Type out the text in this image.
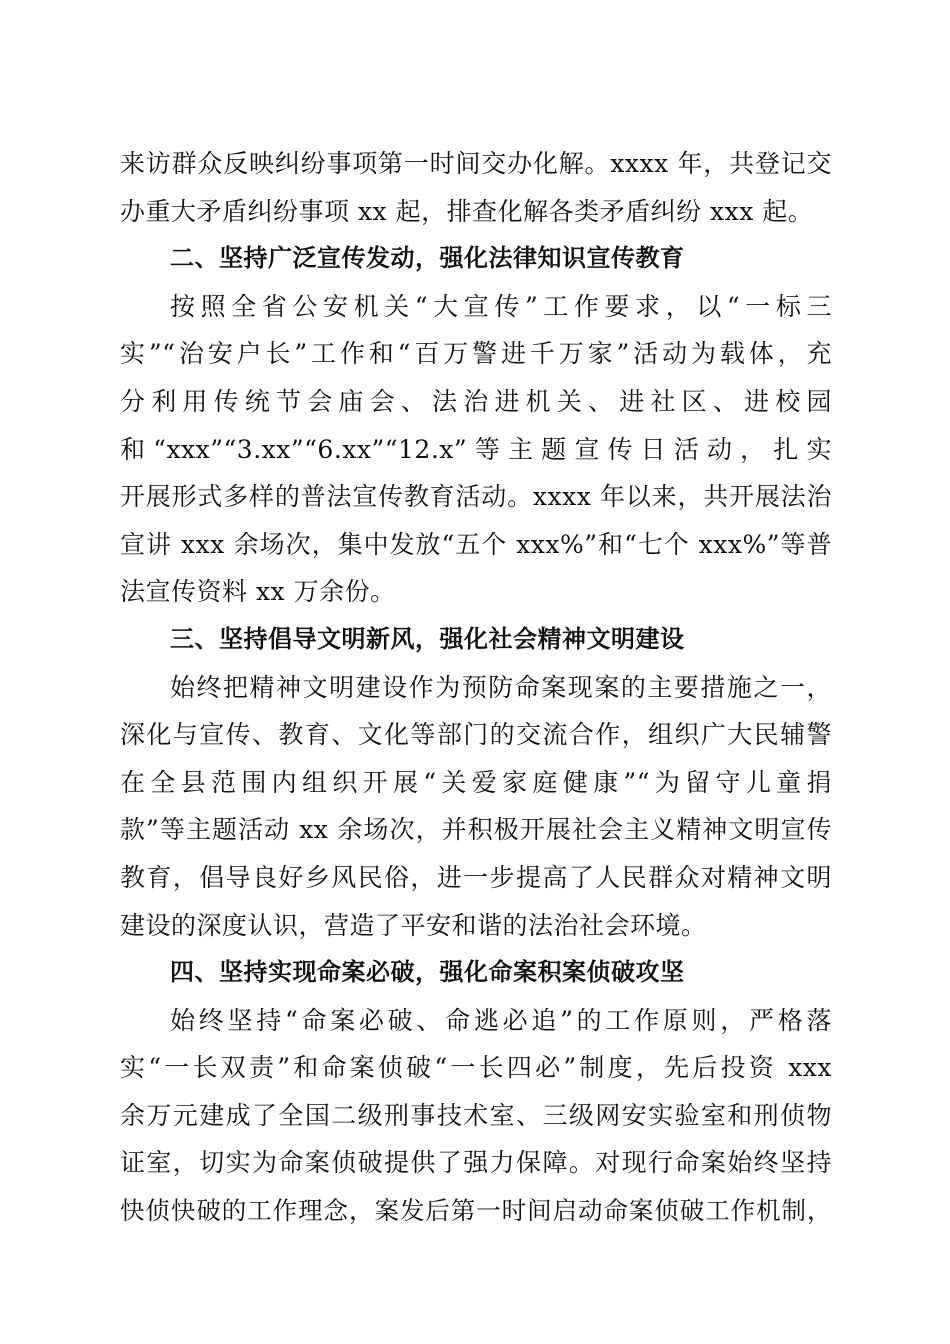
来访群众反映纠纷事项第一时间交办化解。xxxx 年，共登记交
办重大矛盾纠纷事项 xx 起，排查化解各类矛盾纠纷 xxx 起。
二、坚持广泛宣传发动，强化法律知识宣传教育
按照全省公安机关“大宣传”工作要求，以“一标三
实”“治安户长”工作和“百万警进千万家”活动为载体，充
分利用传统节会庙会、法治进机关、进社区、进校园
和“xxx”“3.xx”“6.xx”“12.x”等主题宣传日活动，扎实
开展形式多样的普法宣传教育活动。xxxx 年以来，共开展法治
宣讲 xxx 余场次，集中发放“五个 xxx%”和“七个 xxx%”等普
法宣传资料 xx 万余份。
三、坚持倡导文明新风，强化社会精神文明建设
始终把精神文明建设作为预防命案现案的主要措施之一，
深化与宣传、教育、文化等部门的交流合作，组织广大民辅警
在全县范围内组织开展“关爱家庭健康”“为留守儿童捐
款”等主题活动 xx 余场次，并积极开展社会主义精神文明宣传
教育，倡导良好乡风民俗，进一步提高了人民群众对精神文明
建设的深度认识，营造了平安和谐的法治社会环境。
四、坚持实现命案必破，强化命案积案侦破攻坚
始终坚持“命案必破、命逃必追”的工作原则，严格落
实“一长双责”和命案侦破“一长四必”制度，先后投资 xxx
余万元建成了全国二级刑事技术室、三级网安实验室和刑侦物
证室，切实为命案侦破提供了强力保障。对现行命案始终坚持
快侦快破的工作理念，案发后第一时间启动命案侦破工作机制，
